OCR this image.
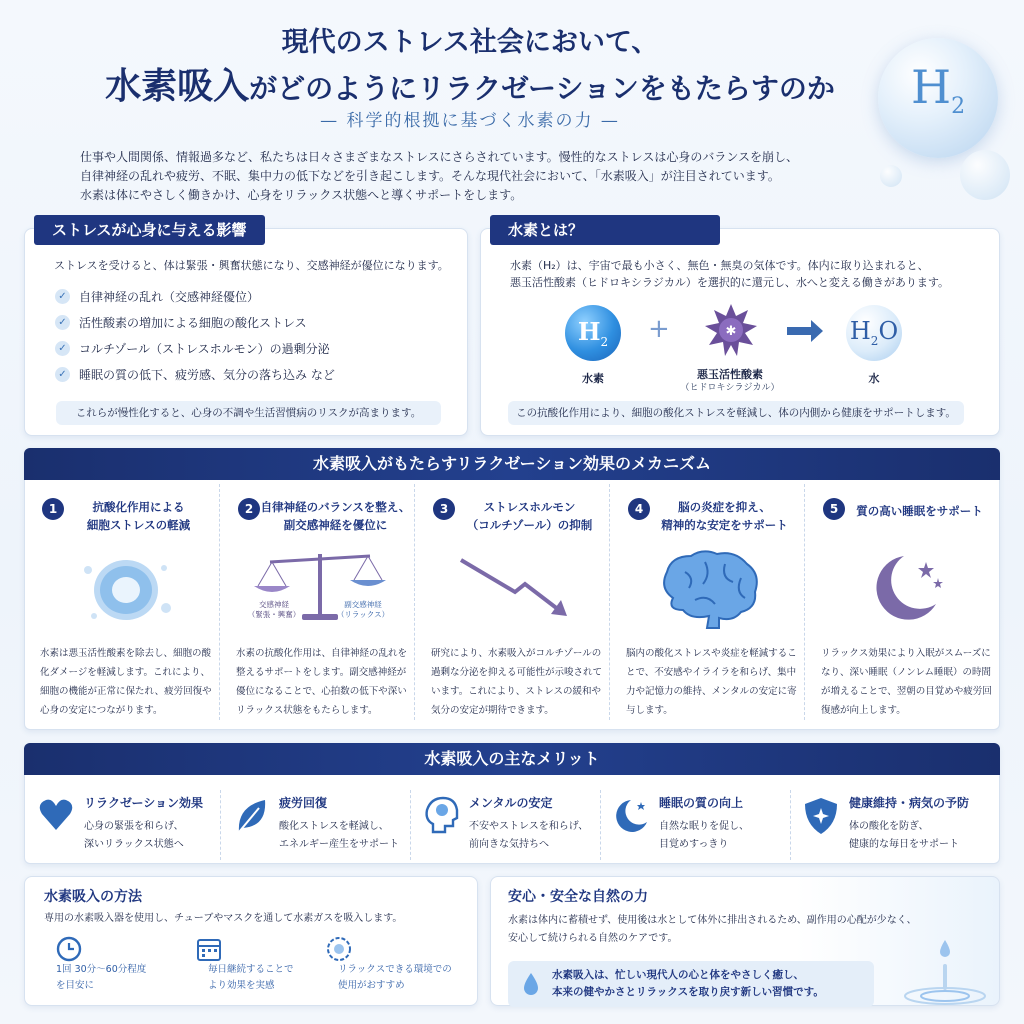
現代のストレス社会において、
水素吸入がどのようにリラクゼーションをもたらすのか
— 科学的根拠に基づく水素の力 —
仕事や人間関係、情報過多など、私たちは日々さまざまなストレスにさらされています。慢性的なストレスは心身のバランスを崩し、
自律神経の乱れや疲労、不眠、集中力の低下などを引き起こします。そんな現代社会において、「水素吸入」が注目されています。
水素は体にやさしく働きかけ、心身をリラックス状態へと導くサポートをします。
$H_2$
ストレスが心身に与える影響
ストレスを受けると、体は緊張・興奮状態になり、交感神経が優位になります。
✓ 自律神経の乱れ（交感神経優位）
✓ 活性酸素の増加による細胞の酸化ストレス
✓ コルチゾール（ストレスホルモン）の過剰分泌
✓ 睡眠の質の低下、疲労感、気分の落ち込み など
これらが慢性化すると、心身の不調や生活習慣病のリスクが高まります。
水素とは？
水素（H₂）は、宇宙で最も小さく、無色・無臭の気体です。体内に取り込まれると、
悪玉活性酸素（ヒドロキシラジカル）を選択的に還元し、水へと変える働きがあります。
$H_2$
水素
+	✱
悪玉活性酸素
（ヒドロキシラジカル）
$H_2O$
水
この抗酸化作用により、細胞の酸化ストレスを軽減し、体の内側から健康をサポートします。
水素吸入がもたらすリラクゼーション効果のメカニズム
1	抗酸化作用による
細胞ストレスの軽減
水素は悪玉活性酸素を除去し、細胞の酸化ダメージを軽減します。これにより、細胞の機能が正常に保たれ、疲労回復や心身の安定につながります。
2 自律神経のバランスを整え、
副交感神経を優位に
交感神経
（緊張・興奮）
副交感神経
（リラックス）
水素の抗酸化作用は、自律神経の乱れを整えるサポートをします。副交感神経が優位になることで、心拍数の低下や深いリラックス状態をもたらします。
3	ストレスホルモン
（コルチゾール）の抑制
研究により、水素吸入がコルチゾールの過剰な分泌を抑える可能性が示唆されています。これにより、ストレスの緩和や気分の安定が期待できます。
4	脳の炎症を抑え、
精神的な安定をサポート
脳内の酸化ストレスや炎症を軽減することで、不安感やイライラを和らげ、集中力や記憶力の維持、メンタルの安定に寄与します。
5	質の高い睡眠をサポート
リラックス効果により入眠がスムーズになり、深い睡眠（ノンレム睡眠）の時間が増えることで、翌朝の目覚めや疲労回復感が向上します。
水素吸入の主なメリット
リラクゼーション効果
心身の緊張を和らげ、
深いリラックス状態へ
疲労回復
酸化ストレスを軽減し、
エネルギー産生をサポート
メンタルの安定
不安やストレスを和らげ、
前向きな気持ちへ
睡眠の質の向上
自然な眠りを促し、
目覚めすっきり
健康維持・病気の予防
体の酸化を防ぎ、
健康的な毎日をサポート
水素吸入の方法
専用の水素吸入器を使用し、チューブやマスクを通して水素ガスを吸入します。
1回 30分〜60分程度
を目安に
毎日継続することで
より効果を実感
リラックスできる環境での
使用がおすすめ
安心・安全な自然の力
水素は体内に蓄積せず、使用後は水として体外に排出されるため、副作用の心配が少なく、
安心して続けられる自然のケアです。
水素吸入は、忙しい現代人の心と体をやさしく癒し、
本来の健やかさとリラックスを取り戻す新しい習慣です。
